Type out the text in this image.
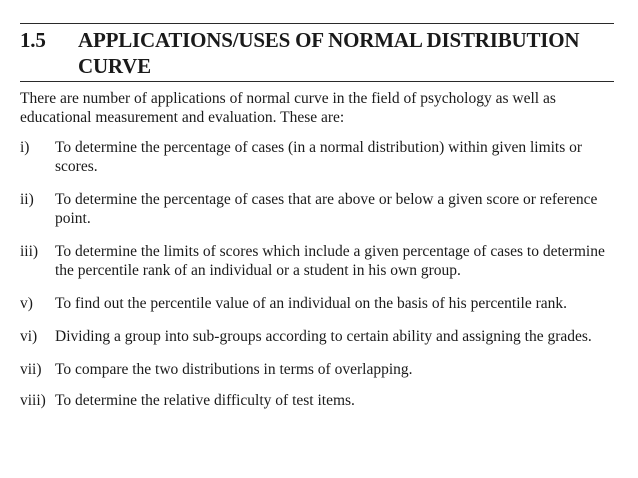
1.5 APPLICATIONS/USES OF NORMAL DISTRIBUTION CURVE

There are number of applications of normal curve in the field of psychology as well as educational measurement and evaluation. These are:

i)	To determine the percentage of cases (in a normal distribution) within given limits or scores.
ii)	To determine the percentage of cases that are above or below a given score or reference point.
iii)	To determine the limits of scores which include a given percentage of cases to determine the percentile rank of an individual or a student in his own group.
v)	To find out the percentile value of an individual on the basis of his percentile rank.
vi)	Dividing a group into sub-groups according to certain ability and assigning the grades.
vii) To compare the two distributions in terms of overlapping.
viii) To determine the relative difficulty of test items.
